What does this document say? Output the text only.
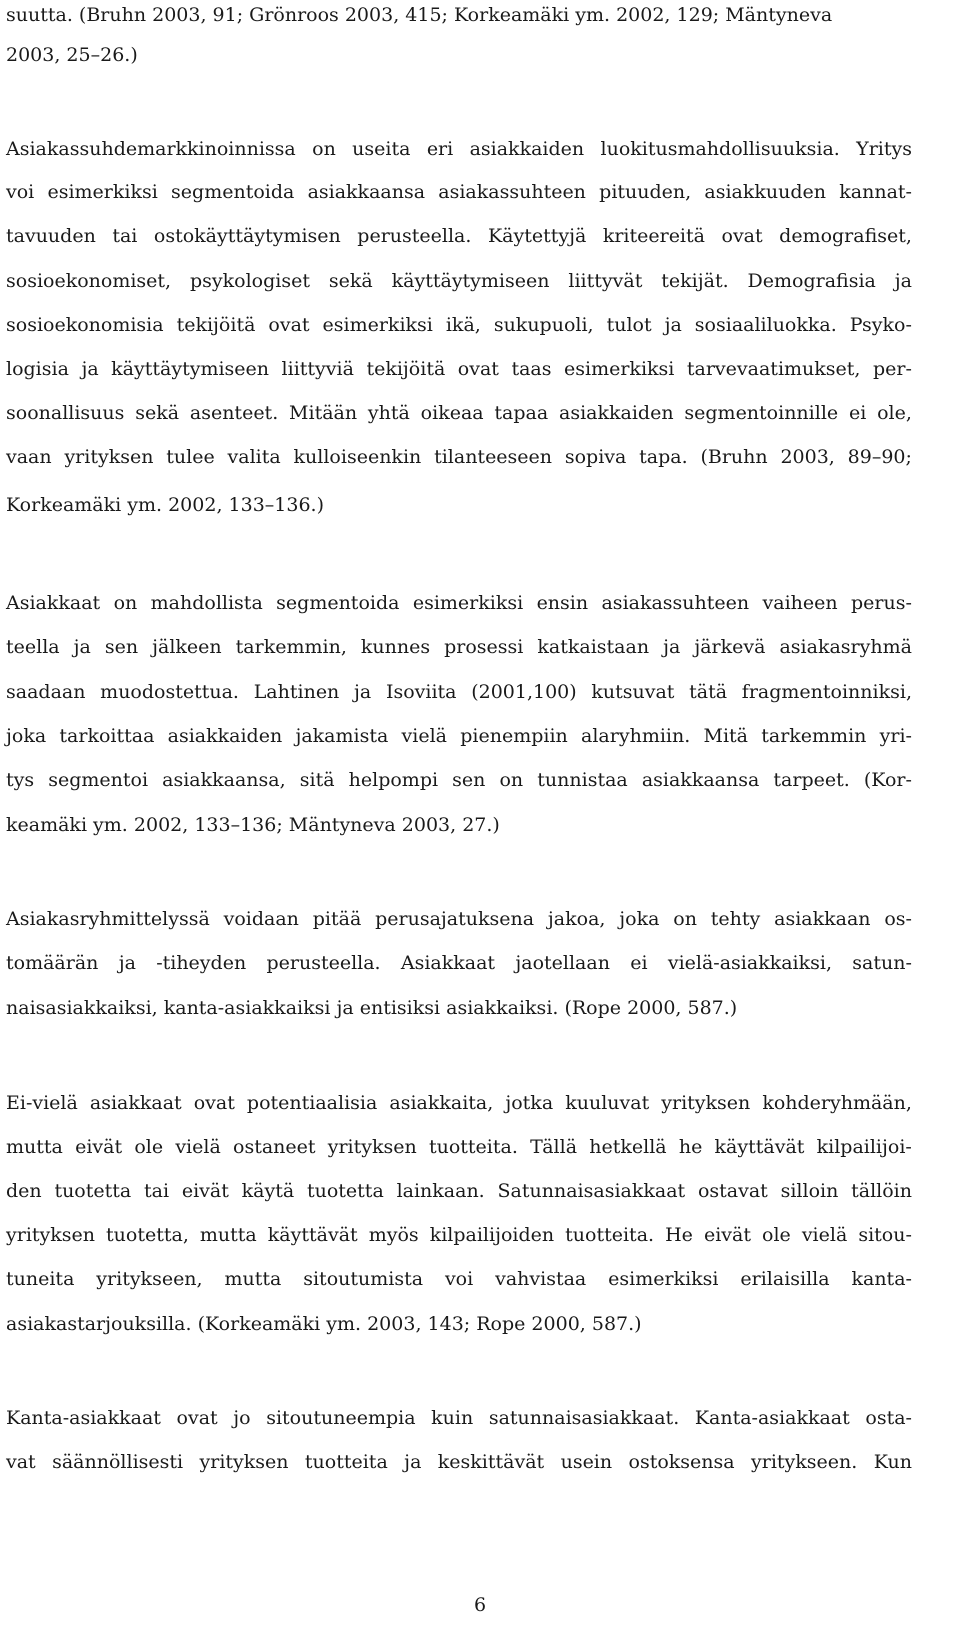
suutta. (Bruhn 2003, 91; Grönroos 2003, 415; Korkeamäki ym. 2002, 129; Mäntyneva
2003, 25–26.)
Asiakassuhdemarkkinoinnissa on useita eri asiakkaiden luokitusmahdollisuuksia. Yritys
voi esimerkiksi segmentoida asiakkaansa asiakassuhteen pituuden, asiakkuuden kannat-
tavuuden tai ostokäyttäytymisen perusteella. Käytettyjä kriteereitä ovat demografiset,
sosioekonomiset, psykologiset sekä käyttäytymiseen liittyvät tekijät. Demografisia ja
sosioekonomisia tekijöitä ovat esimerkiksi ikä, sukupuoli, tulot ja sosiaaliluokka. Psyko-
logisia ja käyttäytymiseen liittyviä tekijöitä ovat taas esimerkiksi tarvevaatimukset, per-
soonallisuus sekä asenteet. Mitään yhtä oikeaa tapaa asiakkaiden segmentoinnille ei ole,
vaan yrityksen tulee valita kulloiseenkin tilanteeseen sopiva tapa. (Bruhn 2003, 89–90;
Korkeamäki ym. 2002, 133–136.)
Asiakkaat on mahdollista segmentoida esimerkiksi ensin asiakassuhteen vaiheen perus-
teella ja sen jälkeen tarkemmin, kunnes prosessi katkaistaan ja järkevä asiakasryhmä
saadaan muodostettua. Lahtinen ja Isoviita (2001,100) kutsuvat tätä fragmentoinniksi,
joka tarkoittaa asiakkaiden jakamista vielä pienempiin alaryhmiin. Mitä tarkemmin yri-
tys segmentoi asiakkaansa, sitä helpompi sen on tunnistaa asiakkaansa tarpeet. (Kor-
keamäki ym. 2002, 133–136; Mäntyneva 2003, 27.)
Asiakasryhmittelyssä voidaan pitää perusajatuksena jakoa, joka on tehty asiakkaan os-
tomäärän ja -tiheyden perusteella. Asiakkaat jaotellaan ei vielä-asiakkaiksi, satun-
naisasiakkaiksi, kanta-asiakkaiksi ja entisiksi asiakkaiksi. (Rope 2000, 587.)
Ei-vielä asiakkaat ovat potentiaalisia asiakkaita, jotka kuuluvat yrityksen kohderyhmään,
mutta eivät ole vielä ostaneet yrityksen tuotteita. Tällä hetkellä he käyttävät kilpailijoi-
den tuotetta tai eivät käytä tuotetta lainkaan. Satunnaisasiakkaat ostavat silloin tällöin
yrityksen tuotetta, mutta käyttävät myös kilpailijoiden tuotteita. He eivät ole vielä sitou-
tuneita yritykseen, mutta sitoutumista voi vahvistaa esimerkiksi erilaisilla kanta-
asiakastarjouksilla. (Korkeamäki ym. 2003, 143; Rope 2000, 587.)
Kanta-asiakkaat ovat jo sitoutuneempia kuin satunnaisasiakkaat. Kanta-asiakkaat osta-
vat säännöllisesti yrityksen tuotteita ja keskittävät usein ostoksensa yritykseen. Kun
6
